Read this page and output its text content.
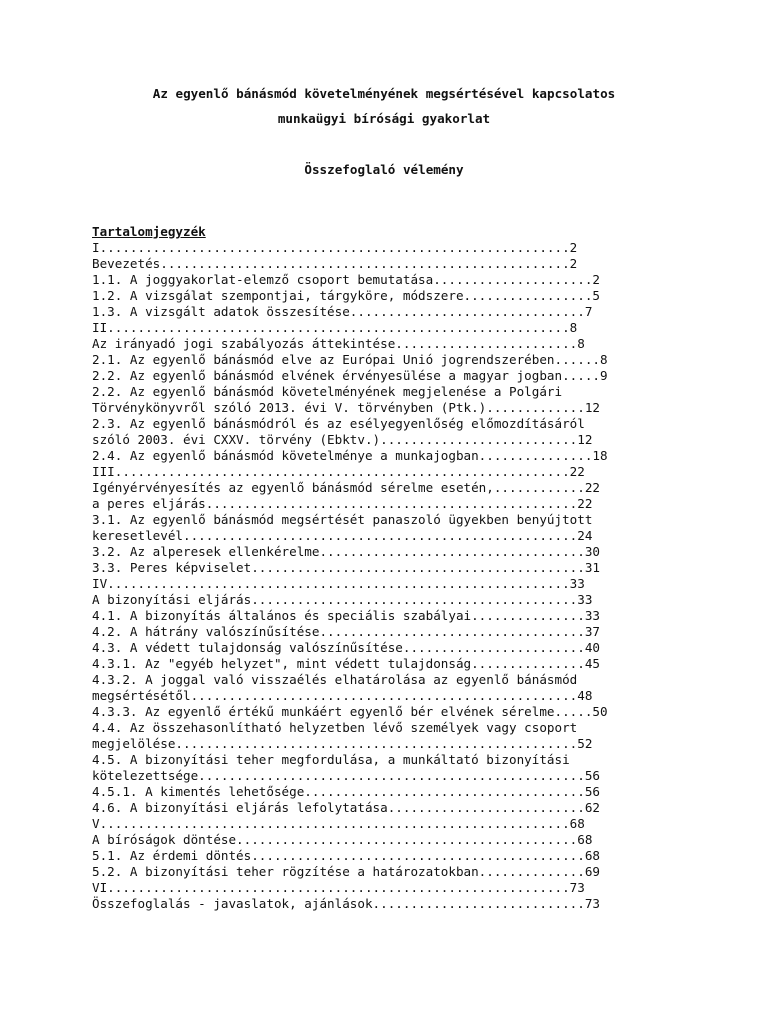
Az egyenlő bánásmód követelményének megsértésével kapcsolatos
munkaügyi bírósági gyakorlat
Összefoglaló vélemény
Tartalomjegyzék
I..............................................................2
Bevezetés......................................................2
1.1. A joggyakorlat-elemző csoport bemutatása.....................2
1.2. A vizsgálat szempontjai, tárgyköre, módszere.................5
1.3. A vizsgált adatok összesítése...............................7
II.............................................................8
Az irányadó jogi szabályozás áttekintése........................8
2.1. Az egyenlő bánásmód elve az Európai Unió jogrendszerében......8
2.2. Az egyenlő bánásmód elvének érvényesülése a magyar jogban.....9
2.2. Az egyenlő bánásmód követelményének megjelenése a Polgári
Törvénykönyvről szóló 2013. évi V. törvényben (Ptk.).............12
2.3. Az egyenlő bánásmódról és az esélyegyenlőség előmozdításáról
szóló 2003. évi CXXV. törvény (Ebktv.)..........................12
2.4. Az egyenlő bánásmód követelménye a munkajogban...............18
III............................................................22
Igényérvényesítés az egyenlő bánásmód sérelme esetén,............22
a peres eljárás.................................................22
3.1. Az egyenlő bánásmód megsértését panaszoló ügyekben benyújtott
keresetlevél....................................................24
3.2. Az alperesek ellenkérelme...................................30
3.3. Peres képviselet............................................31
IV.............................................................33
A bizonyítási eljárás...........................................33
4.1. A bizonyítás általános és speciális szabályai...............33
4.2. A hátrány valószínűsítése...................................37
4.3. A védett tulajdonság valószínűsítése........................40
4.3.1. Az "egyéb helyzet", mint védett tulajdonság...............45
4.3.2. A joggal való visszaélés elhatárolása az egyenlő bánásmód
megsértésétől...................................................48
4.3.3. Az egyenlő értékű munkáért egyenlő bér elvének sérelme.....50
4.4. Az összehasonlítható helyzetben lévő személyek vagy csoport
megjelölése.....................................................52
4.5. A bizonyítási teher megfordulása, a munkáltató bizonyítási
kötelezettsége...................................................56
4.5.1. A kimentés lehetősége.....................................56
4.6. A bizonyítási eljárás lefolytatása..........................62
V..............................................................68
A bíróságok döntése.............................................68
5.1. Az érdemi döntés............................................68
5.2. A bizonyítási teher rögzítése a határozatokban..............69
VI.............................................................73
Összefoglalás - javaslatok, ajánlások............................73
